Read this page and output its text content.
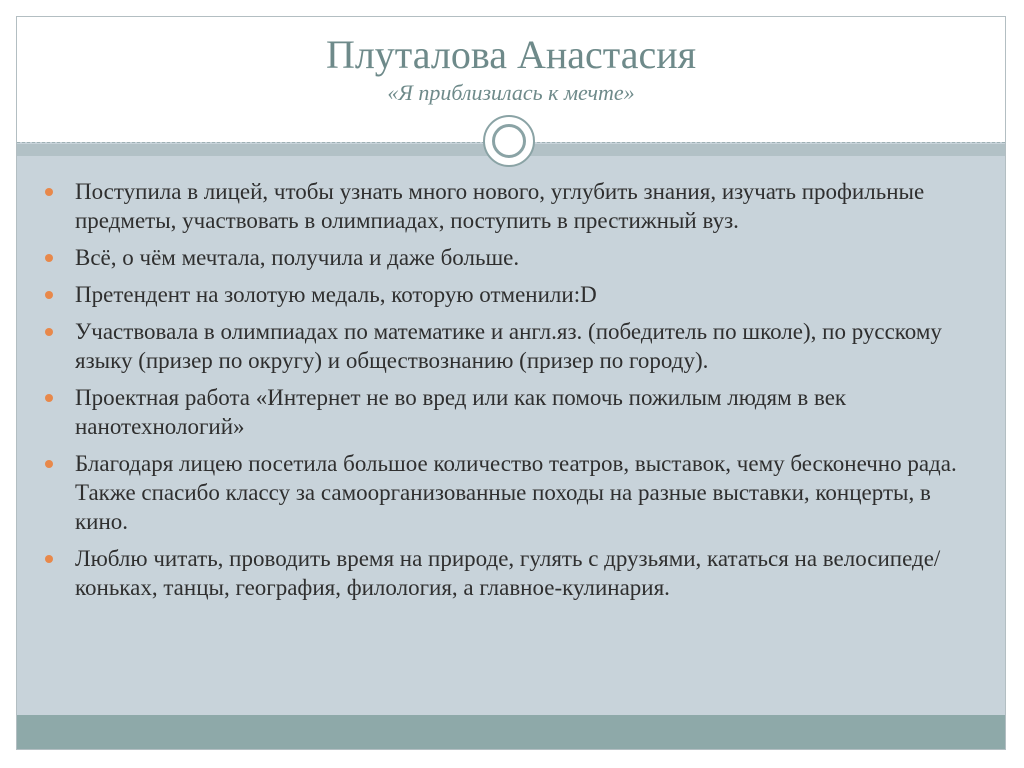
Плуталова Анастасия
«Я приблизилась к мечте»
Поступила в лицей, чтобы узнать много нового, углубить знания, изучать профильные предметы, участвовать в олимпиадах, поступить в престижный вуз.
Всё, о чём мечтала, получила и даже больше.
Претендент на золотую медаль, которую отменили:D
Участвовала в олимпиадах по математике и англ.яз. (победитель по школе), по русскому языку (призер по округу) и обществознанию (призер по городу).
Проектная работа «Интернет не во вред или как помочь пожилым людям в век нанотехнологий»
Благодаря лицею посетила большое количество театров, выставок, чему бесконечно рада. Также спасибо классу за самоорганизованные походы на разные выставки, концерты, в кино.
Люблю читать, проводить время на природе, гулять с друзьями, кататься на велосипеде/коньках, танцы, география, филология, а главное-кулинария.
